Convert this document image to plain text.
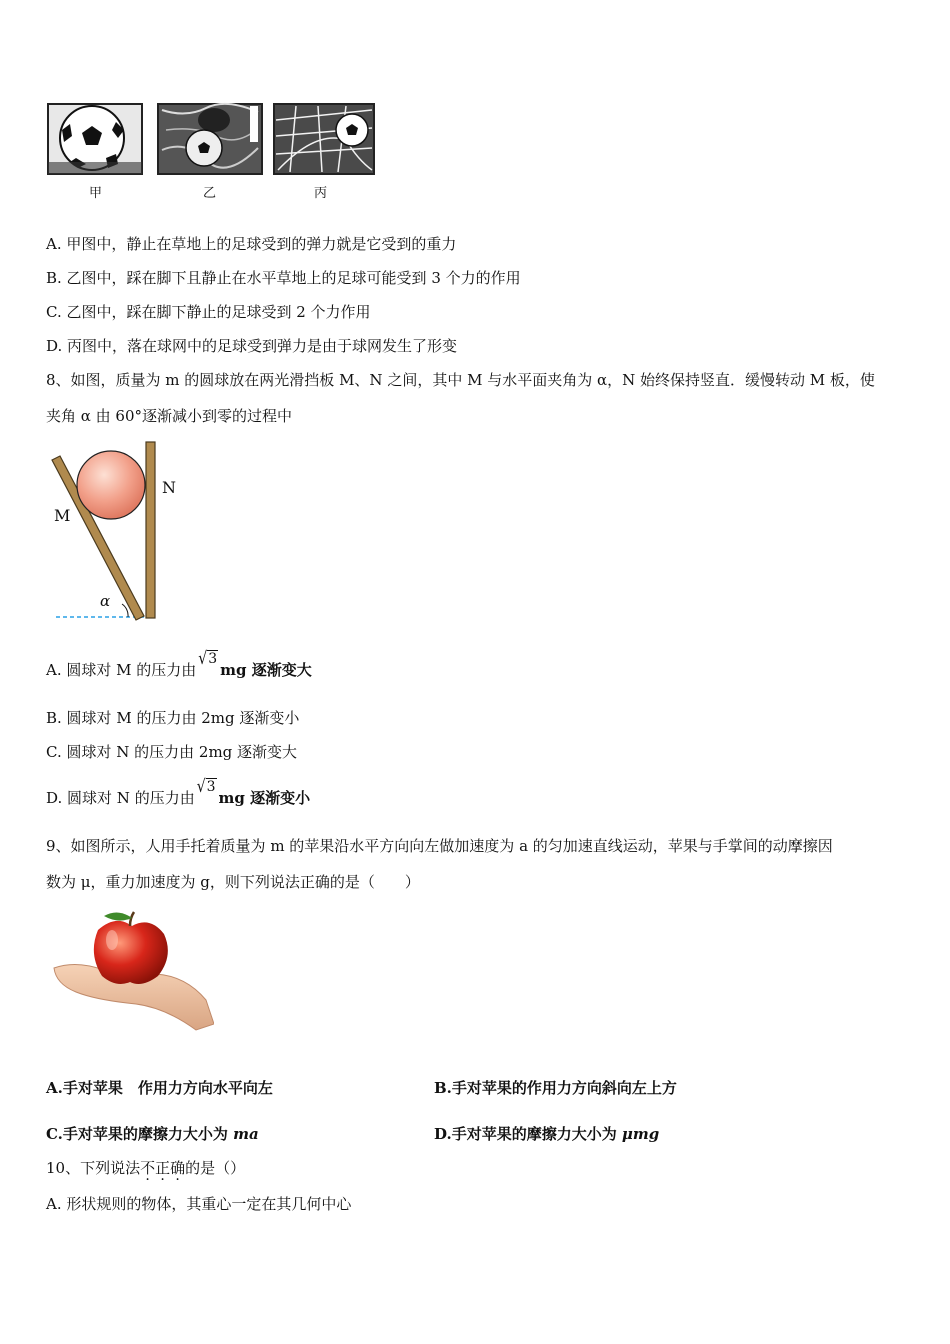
甲	乙	丙
A. 甲图中，静止在草地上的足球受到的弹力就是它受到的重力
B. 乙图中，踩在脚下且静止在水平草地上的足球可能受到 3 个力的作用
C. 乙图中，踩在脚下静止的足球受到 2 个力作用
D. 丙图中，落在球网中的足球受到弹力是由于球网发生了形变
8、如图，质量为 m 的圆球放在两光滑挡板 M、N 之间，其中 M 与水平面夹角为 α，N 始终保持竖直．缓慢转动 M 板，使
夹角 α 由 60°逐渐减小到零的过程中
M
N
α
A. 圆球对 M 的压力由√3mg 逐渐变大
B. 圆球对 M 的压力由 2mg 逐渐变小
C. 圆球对 N 的压力由 2mg 逐渐变大
D. 圆球对 N 的压力由√3mg 逐渐变小
9、如图所示，人用手托着质量为 m 的苹果沿水平方向向左做加速度为 a 的匀加速直线运动，苹果与手掌间的动摩擦因
数为 μ，重力加速度为 g，则下列说法正确的是（　　）
A.手对苹果　作用力方向水平向左	B.手对苹果的作用力方向斜向左上方
C.手对苹果的摩擦力大小为 ma	D.手对苹果的摩擦力大小为 μmg
10、下列说法不正确的是（）
A. 形状规则的物体，其重心一定在其几何中心
